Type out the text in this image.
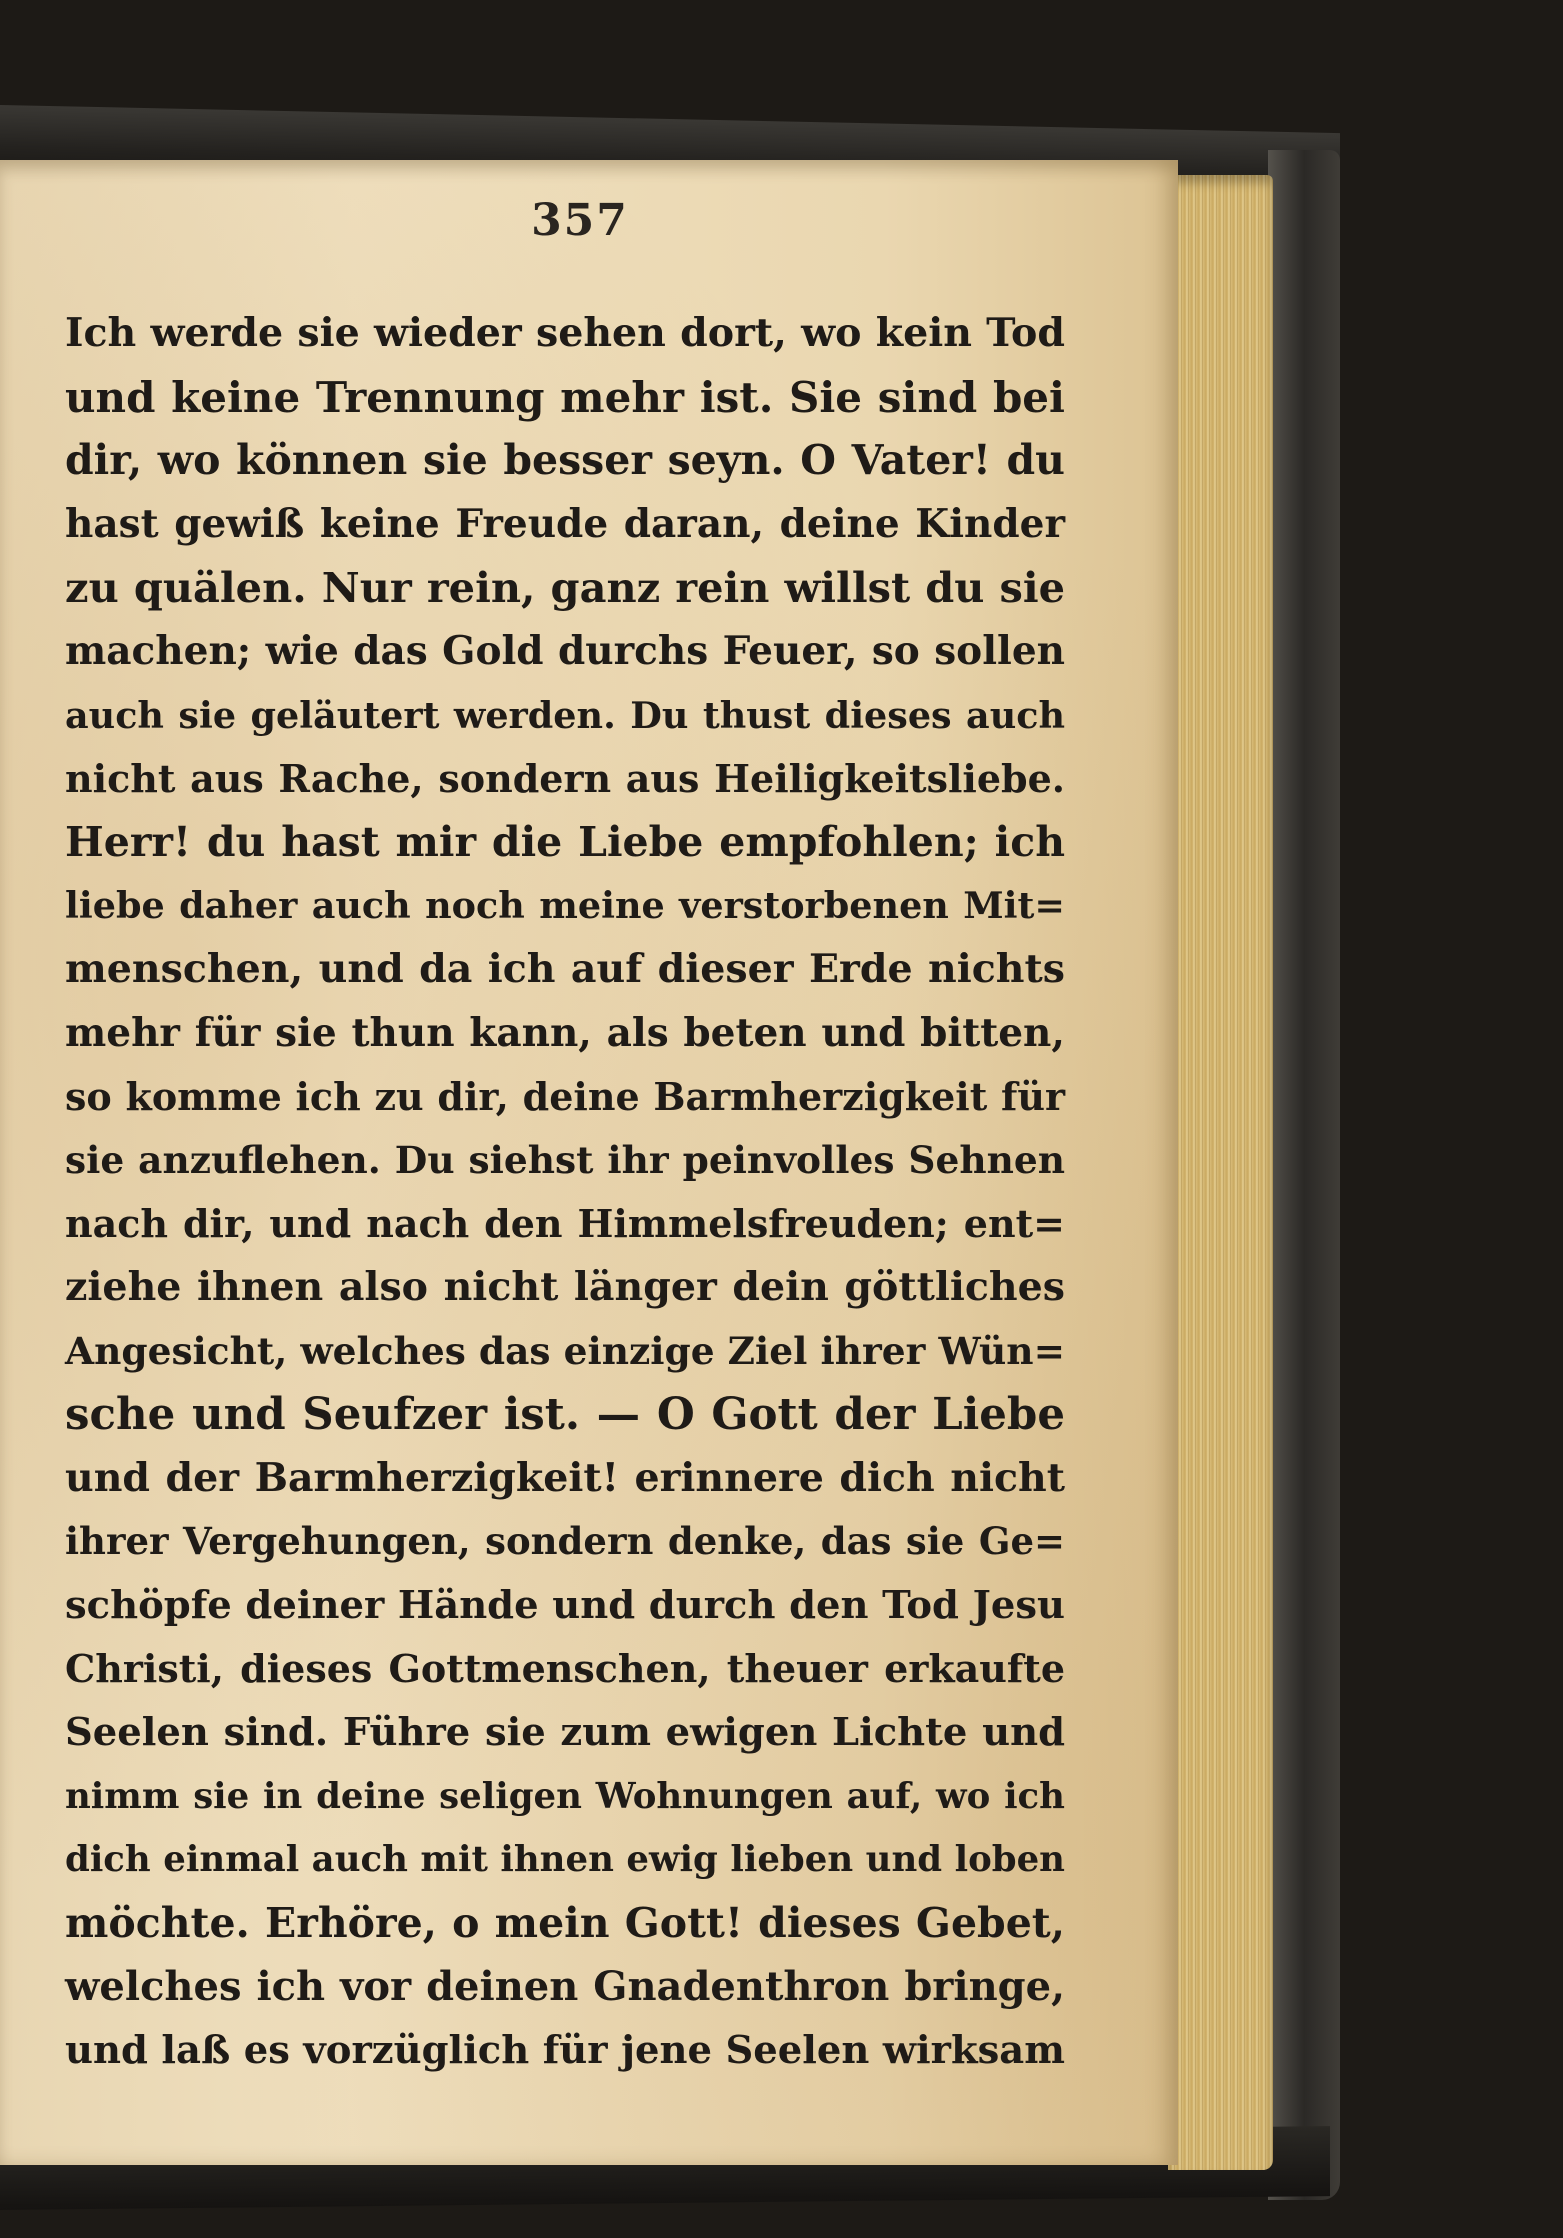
357
Ich werde sie wieder sehen dort, wo kein Tod
und keine Trennung mehr ist. Sie sind bei
dir, wo können sie besser seyn. O Vater! du
hast gewiß keine Freude daran, deine Kinder
zu quälen. Nur rein, ganz rein willst du sie
machen; wie das Gold durchs Feuer, so sollen
auch sie geläutert werden. Du thust dieses auch
nicht aus Rache, sondern aus Heiligkeitsliebe.
Herr! du hast mir die Liebe empfohlen; ich
liebe daher auch noch meine verstorbenen Mit=
menschen, und da ich auf dieser Erde nichts
mehr für sie thun kann, als beten und bitten,
so komme ich zu dir, deine Barmherzigkeit für
sie anzuflehen. Du siehst ihr peinvolles Sehnen
nach dir, und nach den Himmelsfreuden; ent=
ziehe ihnen also nicht länger dein göttliches
Angesicht, welches das einzige Ziel ihrer Wün=
sche und Seufzer ist. — O Gott der Liebe
und der Barmherzigkeit! erinnere dich nicht
ihrer Vergehungen, sondern denke, das sie Ge=
schöpfe deiner Hände und durch den Tod Jesu
Christi, dieses Gottmenschen, theuer erkaufte
Seelen sind. Führe sie zum ewigen Lichte und
nimm sie in deine seligen Wohnungen auf, wo ich
dich einmal auch mit ihnen ewig lieben und loben
möchte. Erhöre, o mein Gott! dieses Gebet,
welches ich vor deinen Gnadenthron bringe,
und laß es vorzüglich für jene Seelen wirksam
